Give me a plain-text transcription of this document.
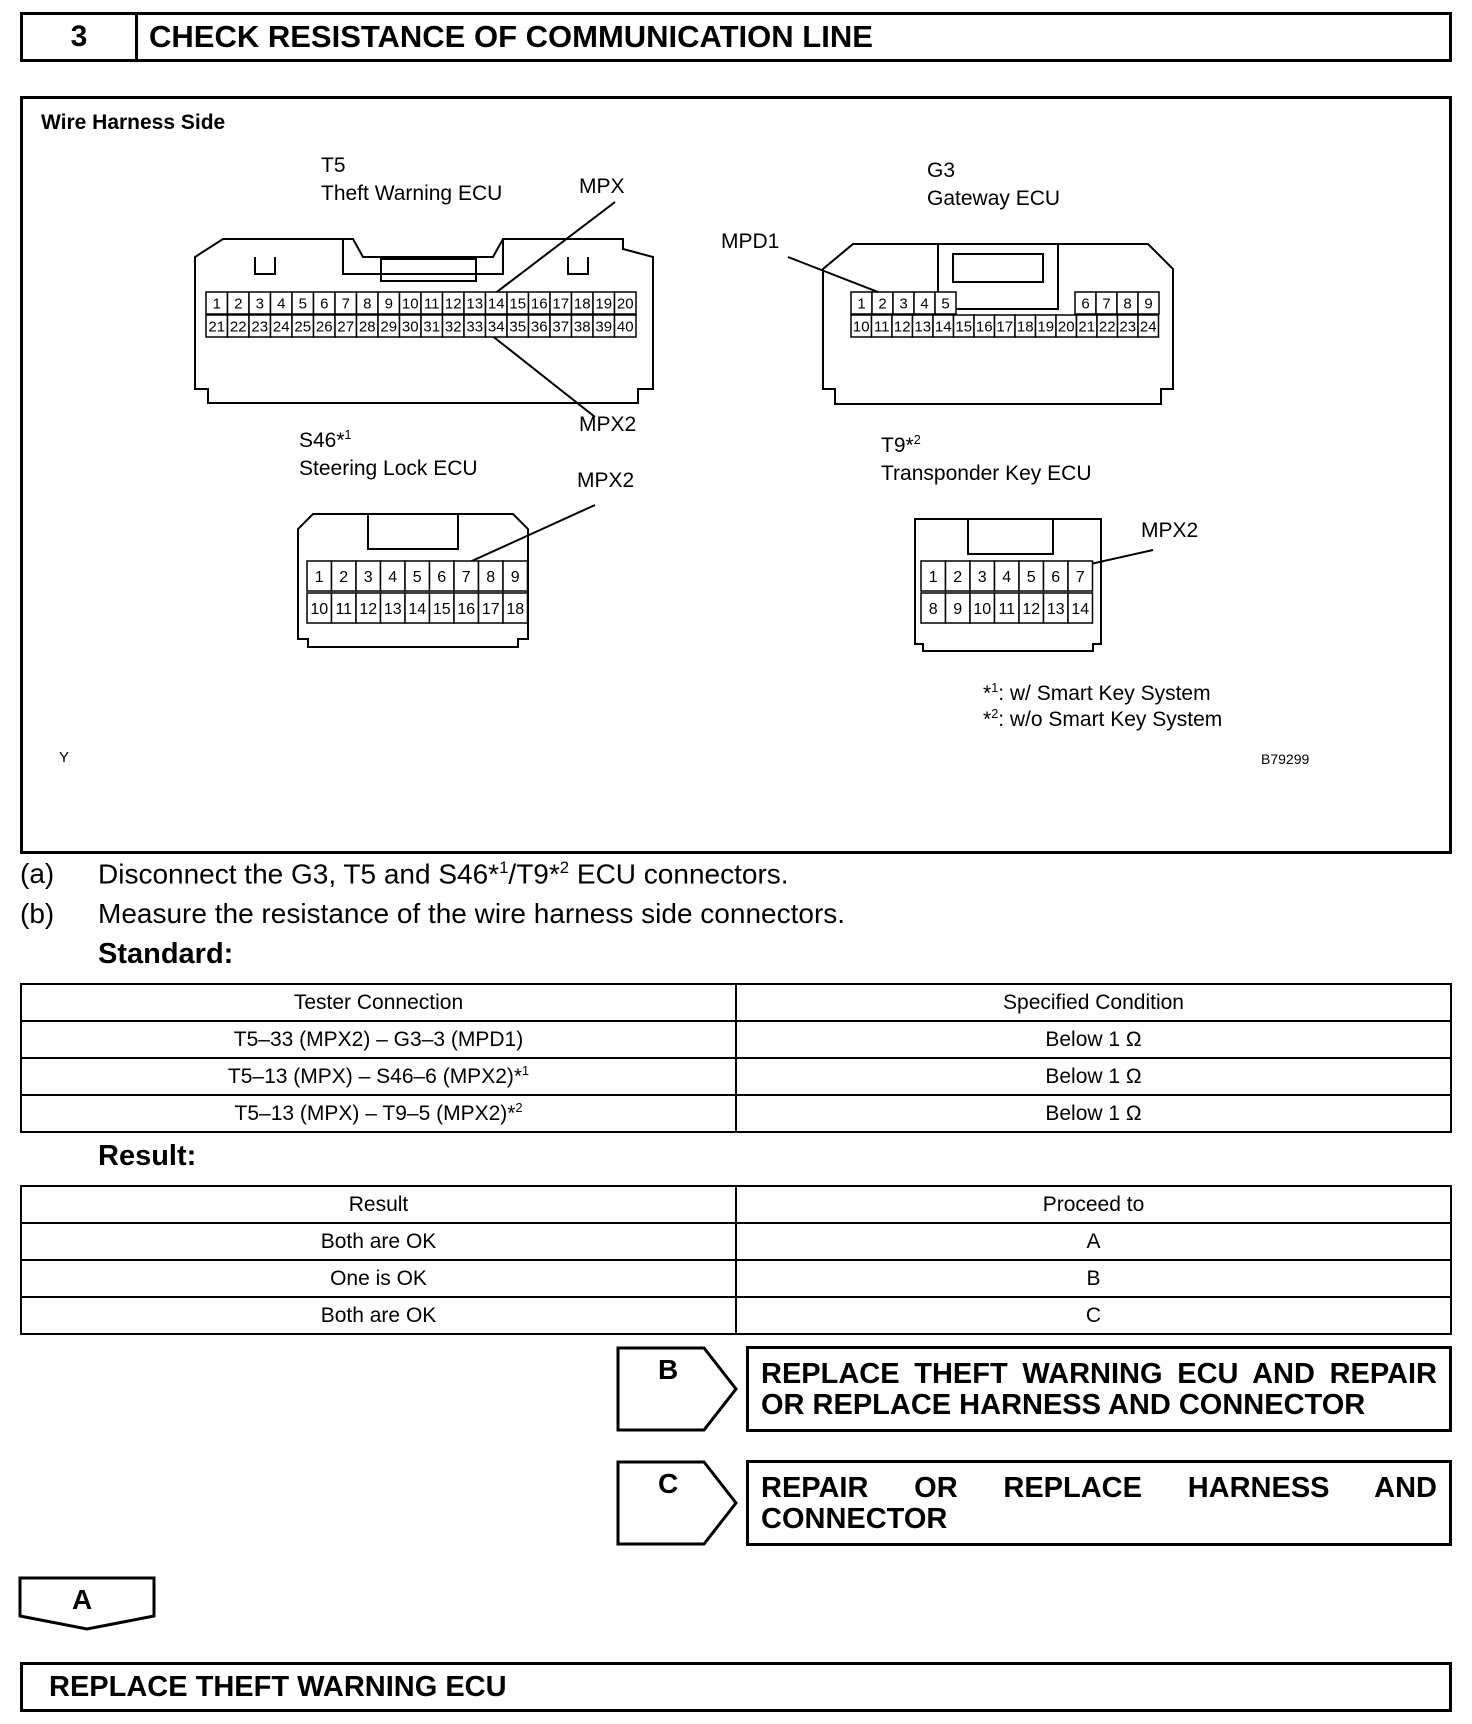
3	CHECK RESISTANCE OF COMMUNICATION LINE
1 2 3 4 5 6 7 8 9 10 11 12 13 14 15 16 17 18 19 20
21 22 23 24 25 26 27 28 29 30 31 32 33 34 35 36 37 38 39 40
1 2 3 4 5	6 7 8 9
10 11 12 13 14 15 16 17 18 19 20 21 22 23 24
1 2 3 4 5 6 7 8 9
10 11 12 13 14 15 16 17 18
1 2 3 4 5 6 7
8 9 10 11 12 13 14
Wire Harness Side
T5
Theft Warning ECU	MPX
MPX2
G3
Gateway ECU
MPD1
S46*$^1$
Steering Lock ECU
MPX2
T9*$^2$
Transponder Key ECU
MPX2
*$^1$: w/ Smart Key System
*$^2$: w/o Smart Key System
Y	B79299
(a) Disconnect the G3, T5 and S46*$^1$/T9*$^2$ ECU connectors.
(b) Measure the resistance of the wire harness side connectors.
Standard:
Tester Connection	Specified Condition
T5–33 (MPX2) – G3–3 (MPD1)	Below 1 Ω
T5–13 (MPX) – S46–6 (MPX2)*$^1$	Below 1 Ω
T5–13 (MPX) – T9–5 (MPX2)*$^2$	Below 1 Ω
Result:
Result	Proceed to
Both are OK	A
One is OK	B
Both are OK	C
B	REPLACE THEFT WARNING ECU AND REPAIR
OR REPLACE HARNESS AND CONNECTOR
C	REPAIR OR REPLACE HARNESS AND
CONNECTOR
A
REPLACE THEFT WARNING ECU
